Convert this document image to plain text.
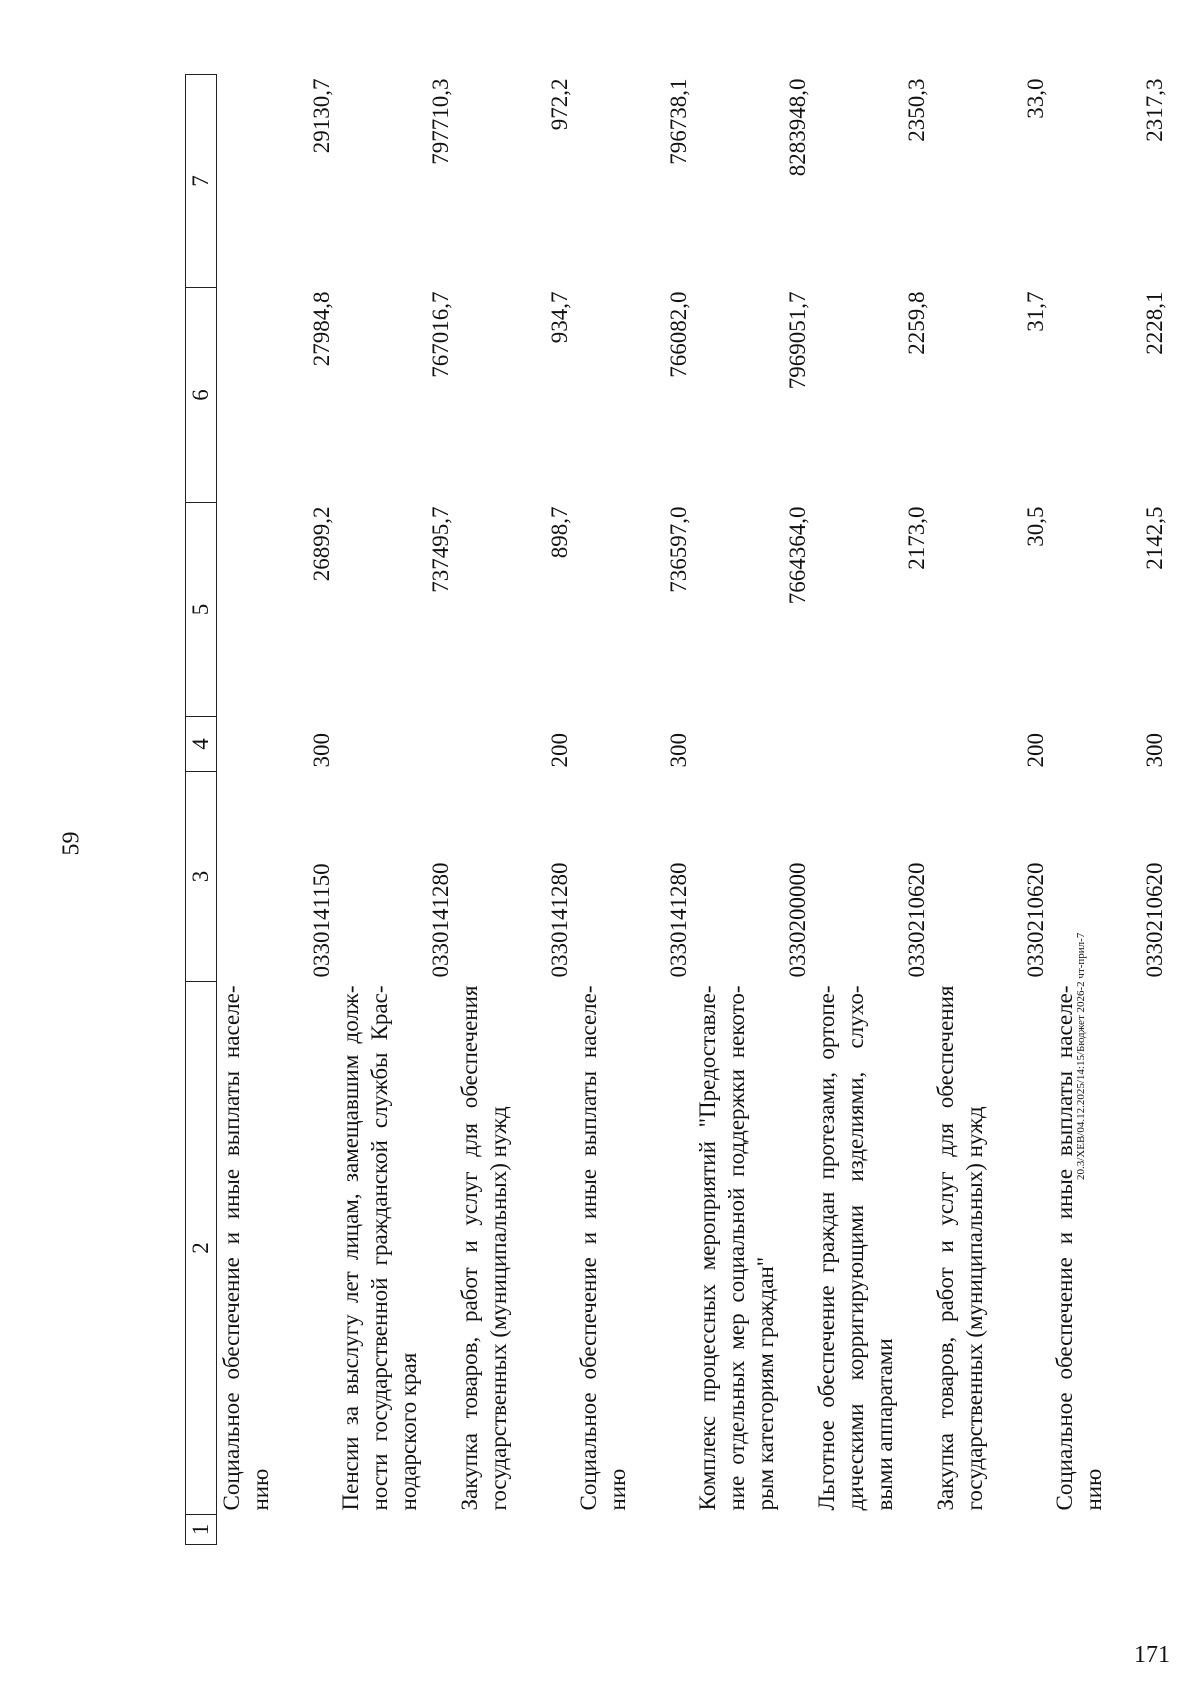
59
1	2	3	4	5	6	7
	Социальное обеспечение и иные выплаты населе-нию	0330141150	300	26899,2	27984,8	29130,7
	Пенсии за выслугу лет лицам, замещавшим долж-ности государственной гражданской службы Крас-нодарского края	0330141280		737495,7	767016,7	797710,3
	Закупка товаров, работ и услуг для обеспечения государственных (муниципальных) нужд	0330141280	200	898,7	934,7	972,2
	Социальное обеспечение и иные выплаты населе-нию	0330141280	300	736597,0	766082,0	796738,1
	Комплекс процессных мероприятий "Предоставле-ние отдельных мер социальной поддержки некото-рым категориям граждан"	0330200000		7664364,0	7969051,7	8283948,0
	Льготное обеспечение граждан протезами, ортопе-дическими корригирующими изделиями, слухо-выми аппаратами	0330210620		2173,0	2259,8	2350,3
	Закупка товаров, работ и услуг для обеспечения государственных (муниципальных) нужд	0330210620	200	30,5	31,7	33,0
	Социальное обеспечение и иные выплаты населе-нию	0330210620	300	2142,5	2228,1	2317,3
20.3/ХЕВ/04.12.2025/14:15/Бюджет 2026-2 чт-прил-7
171
